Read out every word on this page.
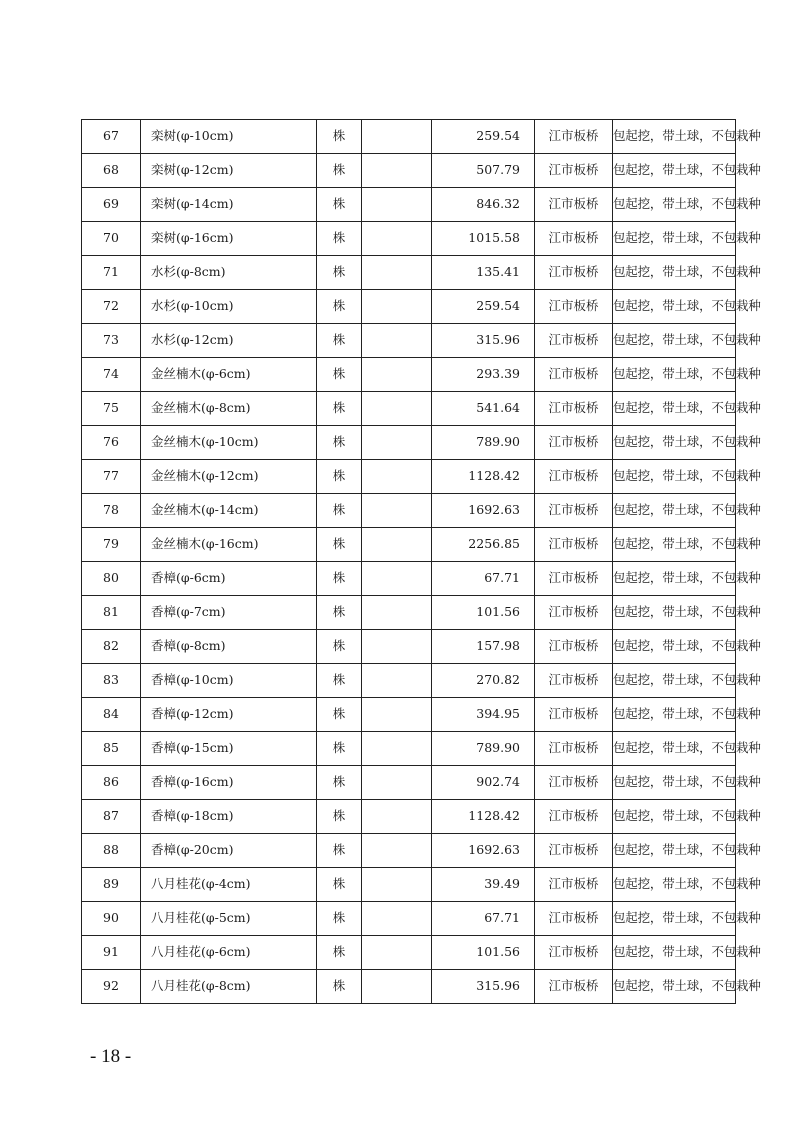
67	栾树(φ-10cm)	株		259.54	江市板桥	包起挖，带土球，不包栽种
68	栾树(φ-12cm)	株		507.79	江市板桥	包起挖，带土球，不包栽种
69	栾树(φ-14cm)	株		846.32	江市板桥	包起挖，带土球，不包栽种
70	栾树(φ-16cm)	株		1015.58	江市板桥	包起挖，带土球，不包栽种
71	水杉(φ-8cm)	株		135.41	江市板桥	包起挖，带土球，不包栽种
72	水杉(φ-10cm)	株		259.54	江市板桥	包起挖，带土球，不包栽种
73	水杉(φ-12cm)	株		315.96	江市板桥	包起挖，带土球，不包栽种
74	金丝楠木(φ-6cm)	株		293.39	江市板桥	包起挖，带土球，不包栽种
75	金丝楠木(φ-8cm)	株		541.64	江市板桥	包起挖，带土球，不包栽种
76	金丝楠木(φ-10cm)	株		789.90	江市板桥	包起挖，带土球，不包栽种
77	金丝楠木(φ-12cm)	株		1128.42	江市板桥	包起挖，带土球，不包栽种
78	金丝楠木(φ-14cm)	株		1692.63	江市板桥	包起挖，带土球，不包栽种
79	金丝楠木(φ-16cm)	株		2256.85	江市板桥	包起挖，带土球，不包栽种
80	香樟(φ-6cm)	株		67.71	江市板桥	包起挖，带土球，不包栽种
81	香樟(φ-7cm)	株		101.56	江市板桥	包起挖，带土球，不包栽种
82	香樟(φ-8cm)	株		157.98	江市板桥	包起挖，带土球，不包栽种
83	香樟(φ-10cm)	株		270.82	江市板桥	包起挖，带土球，不包栽种
84	香樟(φ-12cm)	株		394.95	江市板桥	包起挖，带土球，不包栽种
85	香樟(φ-15cm)	株		789.90	江市板桥	包起挖，带土球，不包栽种
86	香樟(φ-16cm)	株		902.74	江市板桥	包起挖，带土球，不包栽种
87	香樟(φ-18cm)	株		1128.42	江市板桥	包起挖，带土球，不包栽种
88	香樟(φ-20cm)	株		1692.63	江市板桥	包起挖，带土球，不包栽种
89	八月桂花(φ-4cm)	株		39.49	江市板桥	包起挖，带土球，不包栽种
90	八月桂花(φ-5cm)	株		67.71	江市板桥	包起挖，带土球，不包栽种
91	八月桂花(φ-6cm)	株		101.56	江市板桥	包起挖，带土球，不包栽种
92	八月桂花(φ-8cm)	株		315.96	江市板桥	包起挖，带土球，不包栽种
- 18 -
